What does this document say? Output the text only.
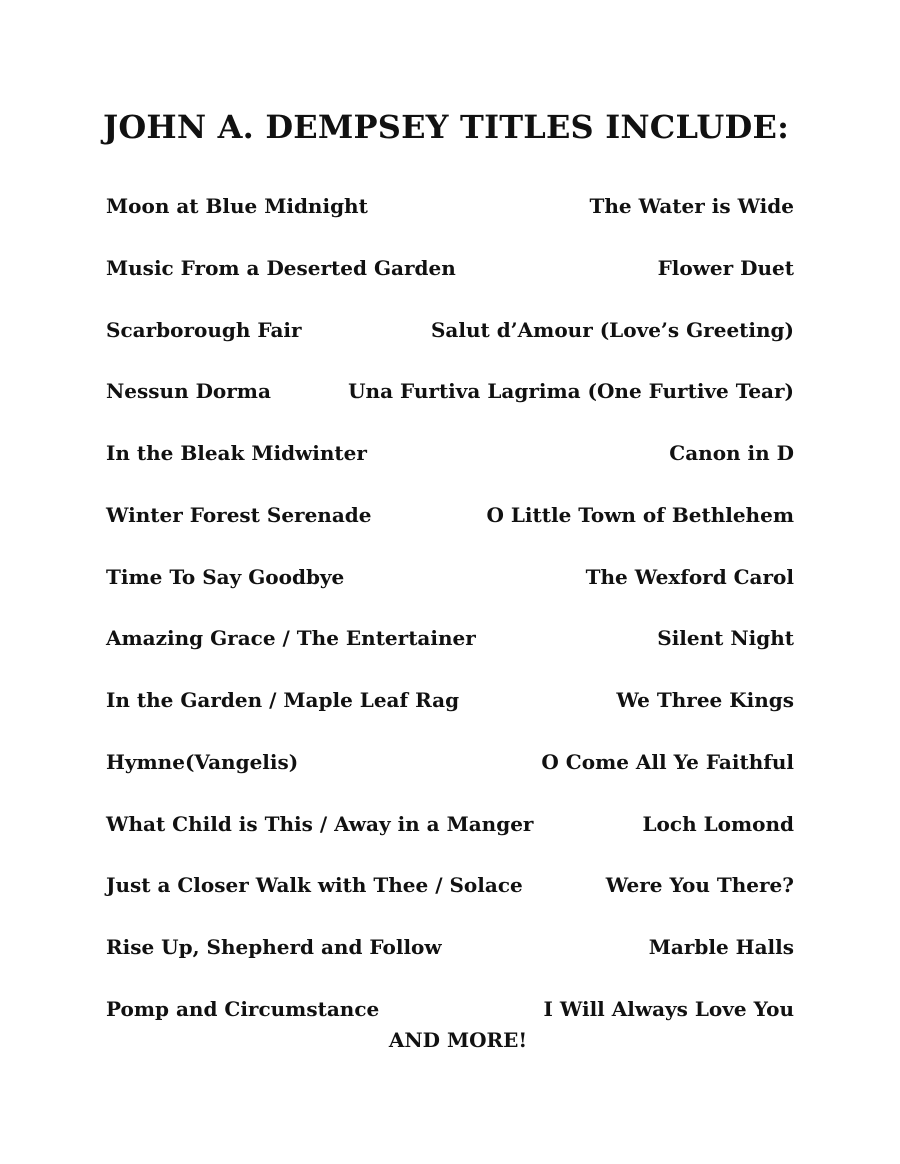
JOHN A. DEMPSEY TITLES INCLUDE:
Moon at Blue Midnight	The Water is Wide
Music From a Deserted Garden	Flower Duet
Scarborough Fair	Salut d’Amour (Love’s Greeting)
Nessun Dorma	Una Furtiva Lagrima (One Furtive Tear)
In the Bleak Midwinter	Canon in D
Winter Forest Serenade	O Little Town of Bethlehem
Time To Say Goodbye	The Wexford Carol
Amazing Grace / The Entertainer	Silent Night
In the Garden / Maple Leaf Rag	We Three Kings
Hymne(Vangelis)	O Come All Ye Faithful
What Child is This / Away in a Manger	Loch Lomond
Just a Closer Walk with Thee / Solace	Were You There?
Rise Up, Shepherd and Follow	Marble Halls
Pomp and Circumstance	I Will Always Love You
AND MORE!
